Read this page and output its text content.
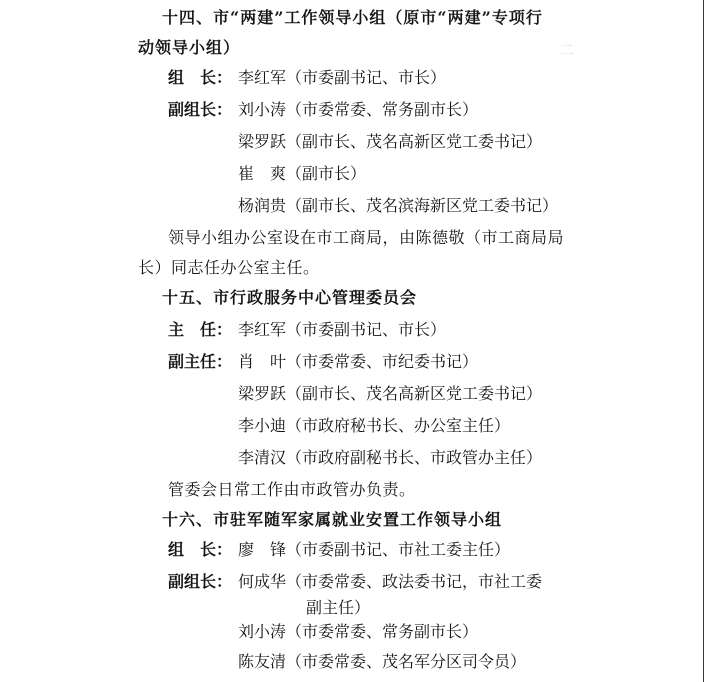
二　　

十四、市“两建”工作领导小组（原市“两建”专项行
动领导小组）
组　长： 李红军（市委副书记、市长）
副组长： 刘小涛（市委常委、常务副市长）
梁罗跃（副市长、茂名高新区党工委书记）
崔　爽（副市长）
杨润贵（副市长、茂名滨海新区党工委书记）
领导小组办公室设在市工商局，由陈德敬（市工商局局
长）同志任办公室主任。
十五、市行政服务中心管理委员会
主　任： 李红军（市委副书记、市长）
副主任： 肖　叶（市委常委、市纪委书记）
梁罗跃（副市长、茂名高新区党工委书记）
李小迪（市政府秘书长、办公室主任）
李清汉（市政府副秘书长、市政管办主任）
管委会日常工作由市政管办负责。
十六、市驻军随军家属就业安置工作领导小组
组　长： 廖　锋（市委副书记、市社工委主任）
副组长： 何成华（市委常委、政法委书记，市社工委
副主任）
刘小涛（市委常委、常务副市长）
陈友清（市委常委、茂名军分区司令员）
